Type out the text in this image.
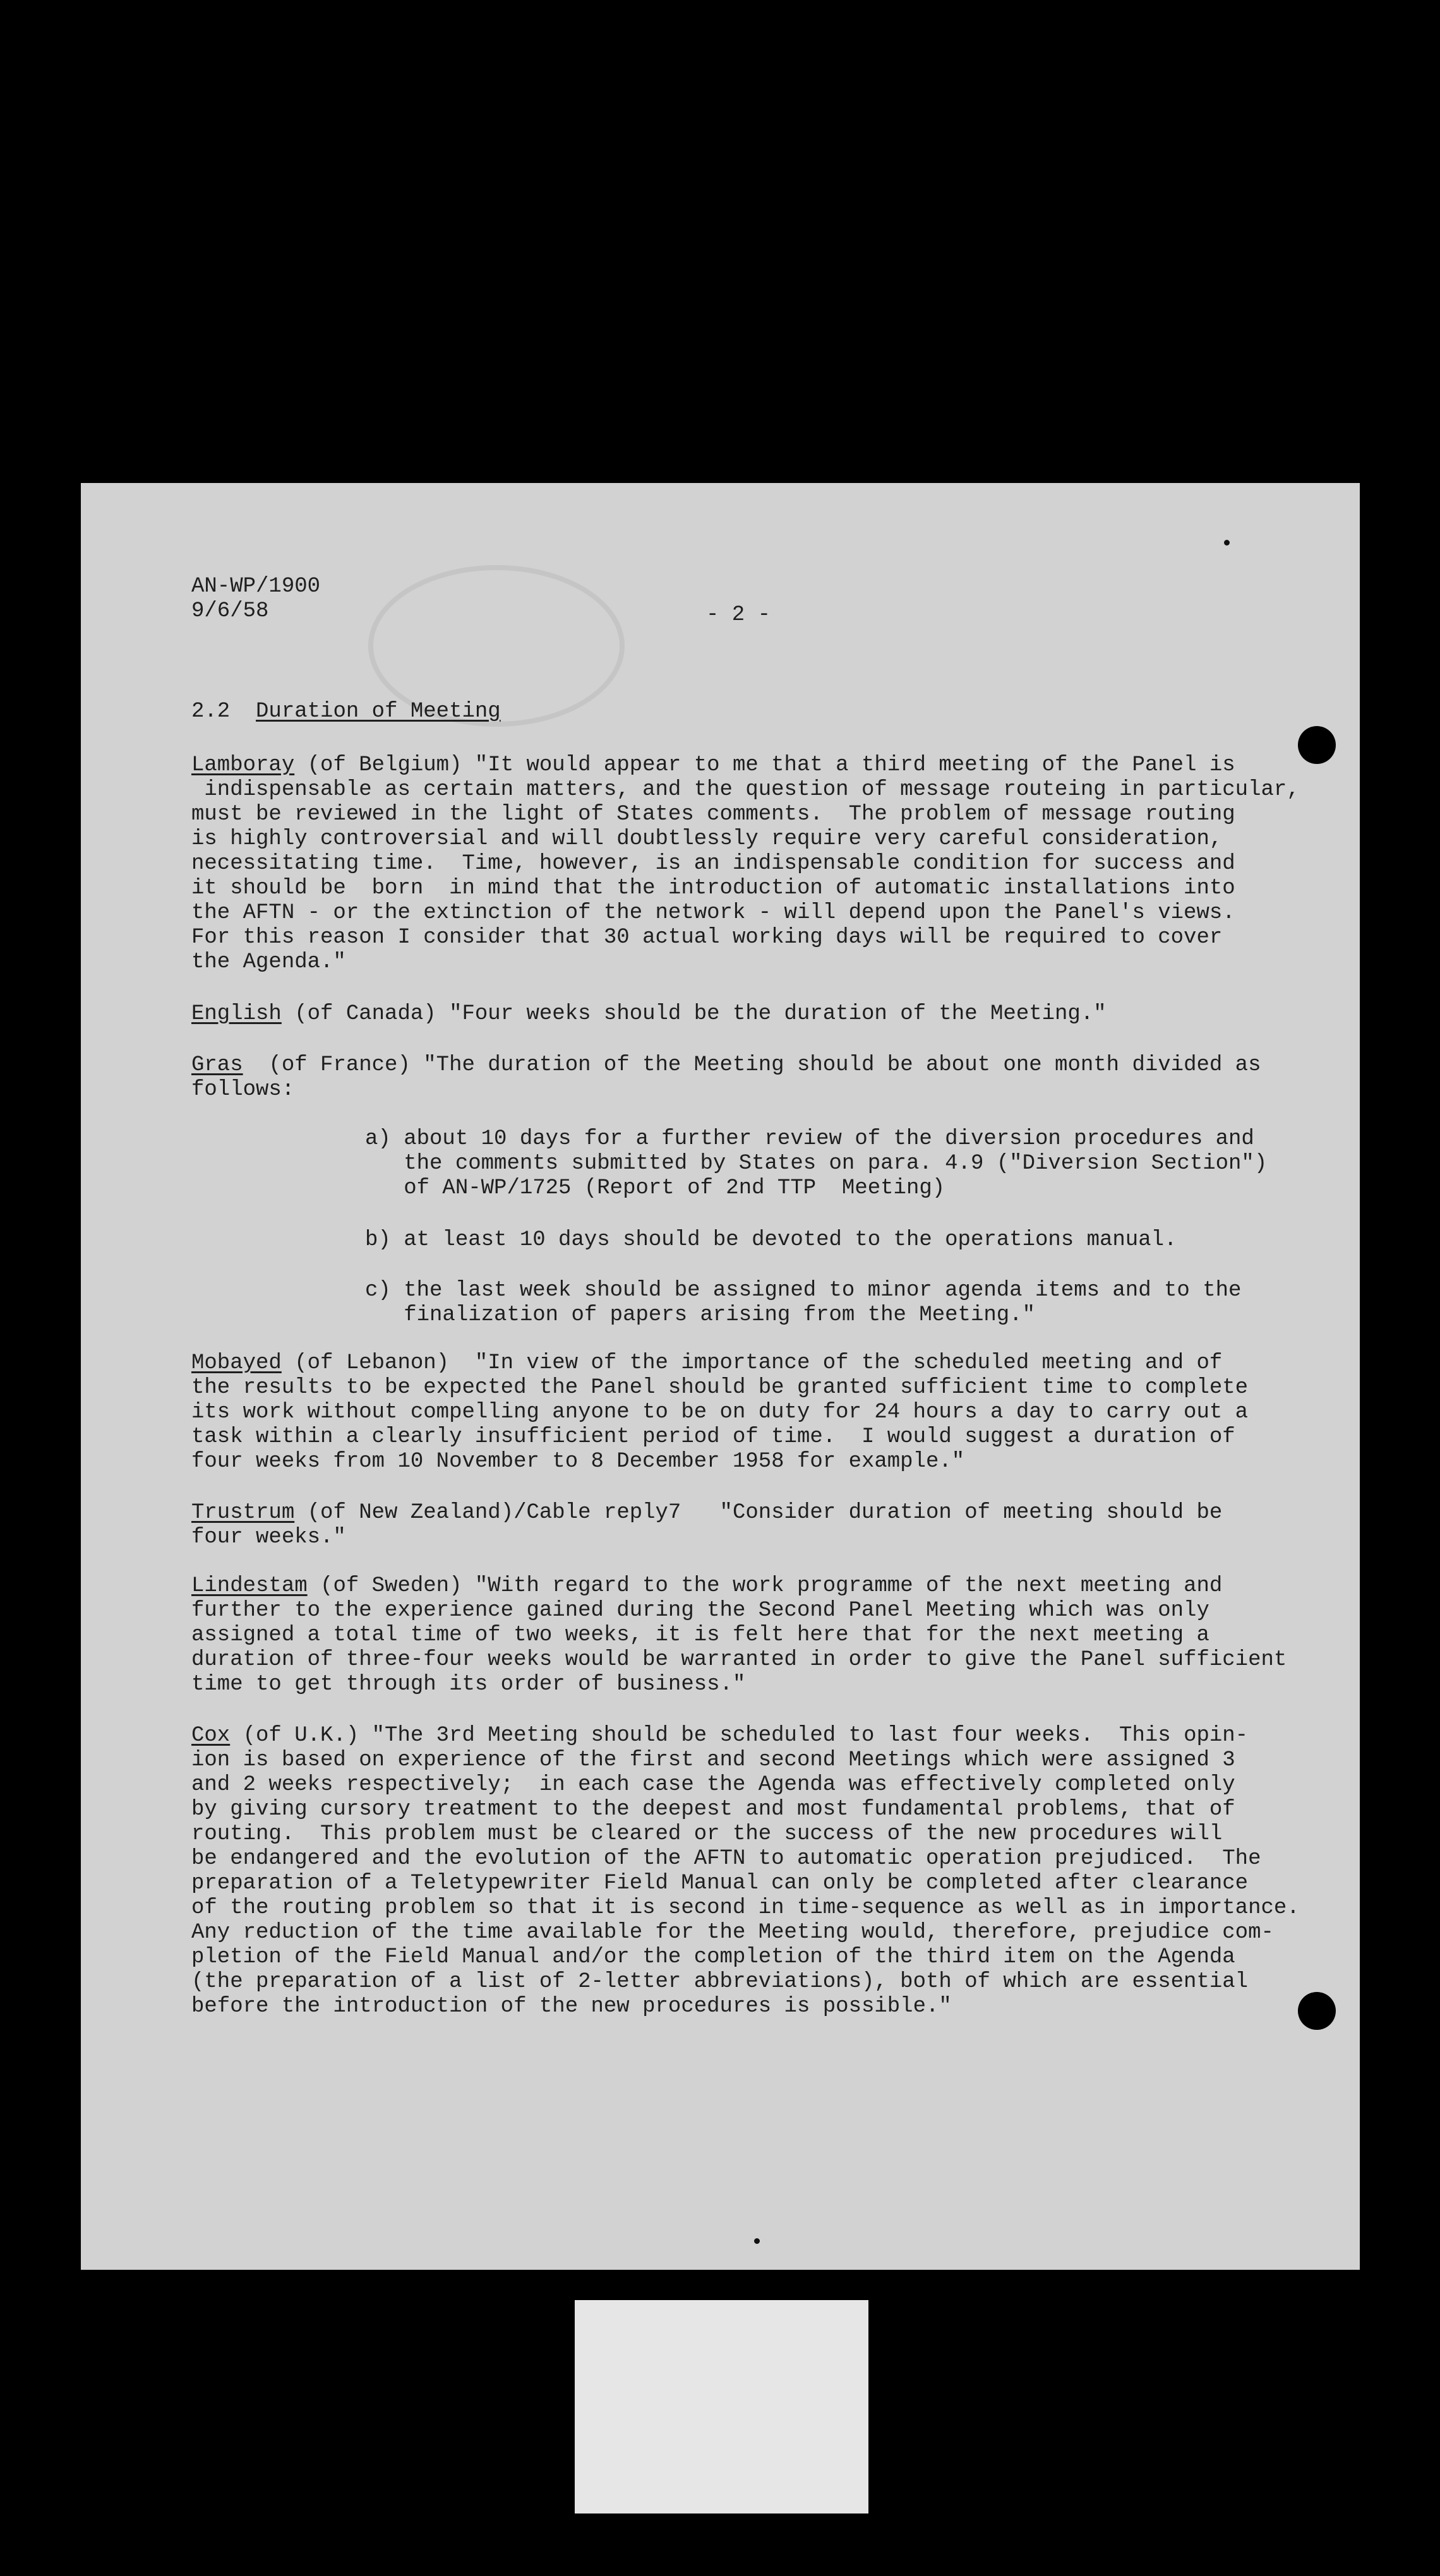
AN-WP/1900
9/6/58	- 2 -
2.2 Duration of Meeting

Lamboray (of Belgium) "It would appear to me that a third meeting of the Panel is
indispensable as certain matters, and the question of message routeing in particular,
must be reviewed in the light of States comments.  The problem of message routing
is highly controversial and will doubtlessly require very careful consideration,
necessitating time.  Time, however, is an indispensable condition for success and
it should be  born  in mind that the introduction of automatic installations into
the AFTN - or the extinction of the network - will depend upon the Panel's views.
For this reason I consider that 30 actual working days will be required to cover
the Agenda."

English (of Canada) "Four weeks should be the duration of the Meeting."

Gras  (of France) "The duration of the Meeting should be about one month divided as
follows:

a) about 10 days for a further review of the diversion procedures and
the comments submitted by States on para. 4.9 ("Diversion Section")
of AN-WP/1725 (Report of 2nd TTP  Meeting)

b) at least 10 days should be devoted to the operations manual.

c) the last week should be assigned to minor agenda items and to the
finalization of papers arising from the Meeting."

Mobayed (of Lebanon)  "In view of the importance of the scheduled meeting and of
the results to be expected the Panel should be granted sufficient time to complete
its work without compelling anyone to be on duty for 24 hours a day to carry out a
task within a clearly insufficient period of time.  I would suggest a duration of
four weeks from 10 November to 8 December 1958 for example."

Trustrum (of New Zealand)/Cable reply7   "Consider duration of meeting should be
four weeks."

Lindestam (of Sweden) "With regard to the work programme of the next meeting and
further to the experience gained during the Second Panel Meeting which was only
assigned a total time of two weeks, it is felt here that for the next meeting a
duration of three-four weeks would be warranted in order to give the Panel sufficient
time to get through its order of business."

Cox (of U.K.) "The 3rd Meeting should be scheduled to last four weeks.  This opin-
ion is based on experience of the first and second Meetings which were assigned 3
and 2 weeks respectively;  in each case the Agenda was effectively completed only
by giving cursory treatment to the deepest and most fundamental problems, that of
routing.  This problem must be cleared or the success of the new procedures will
be endangered and the evolution of the AFTN to automatic operation prejudiced.  The
preparation of a Teletypewriter Field Manual can only be completed after clearance
of the routing problem so that it is second in time-sequence as well as in importance.
Any reduction of the time available for the Meeting would, therefore, prejudice com-
pletion of the Field Manual and/or the completion of the third item on the Agenda
(the preparation of a list of 2-letter abbreviations), both of which are essential
before the introduction of the new procedures is possible."
